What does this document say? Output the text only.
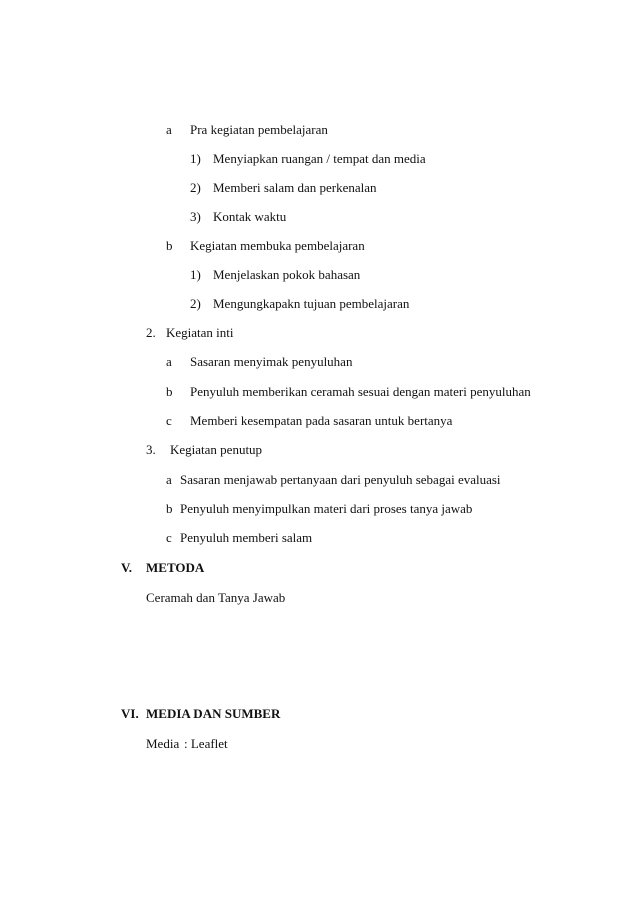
a Pra kegiatan pembelajaran
1) Menyiapkan ruangan / tempat dan media
2) Memberi salam dan perkenalan
3) Kontak waktu
b Kegiatan membuka pembelajaran
1) Menjelaskan pokok bahasan
2) Mengungkapakn tujuan pembelajaran
2. Kegiatan inti
a Sasaran menyimak penyuluhan
b Penyuluh memberikan ceramah sesuai dengan materi penyuluhan
c Memberi kesempatan pada sasaran untuk bertanya
3. Kegiatan penutup
a Sasaran menjawab pertanyaan dari penyuluh sebagai evaluasi
b Penyuluh menyimpulkan materi dari proses tanya jawab
c Penyuluh memberi salam
V. METODA
Ceramah dan Tanya Jawab
VI. MEDIA DAN SUMBER
Media : Leaflet
